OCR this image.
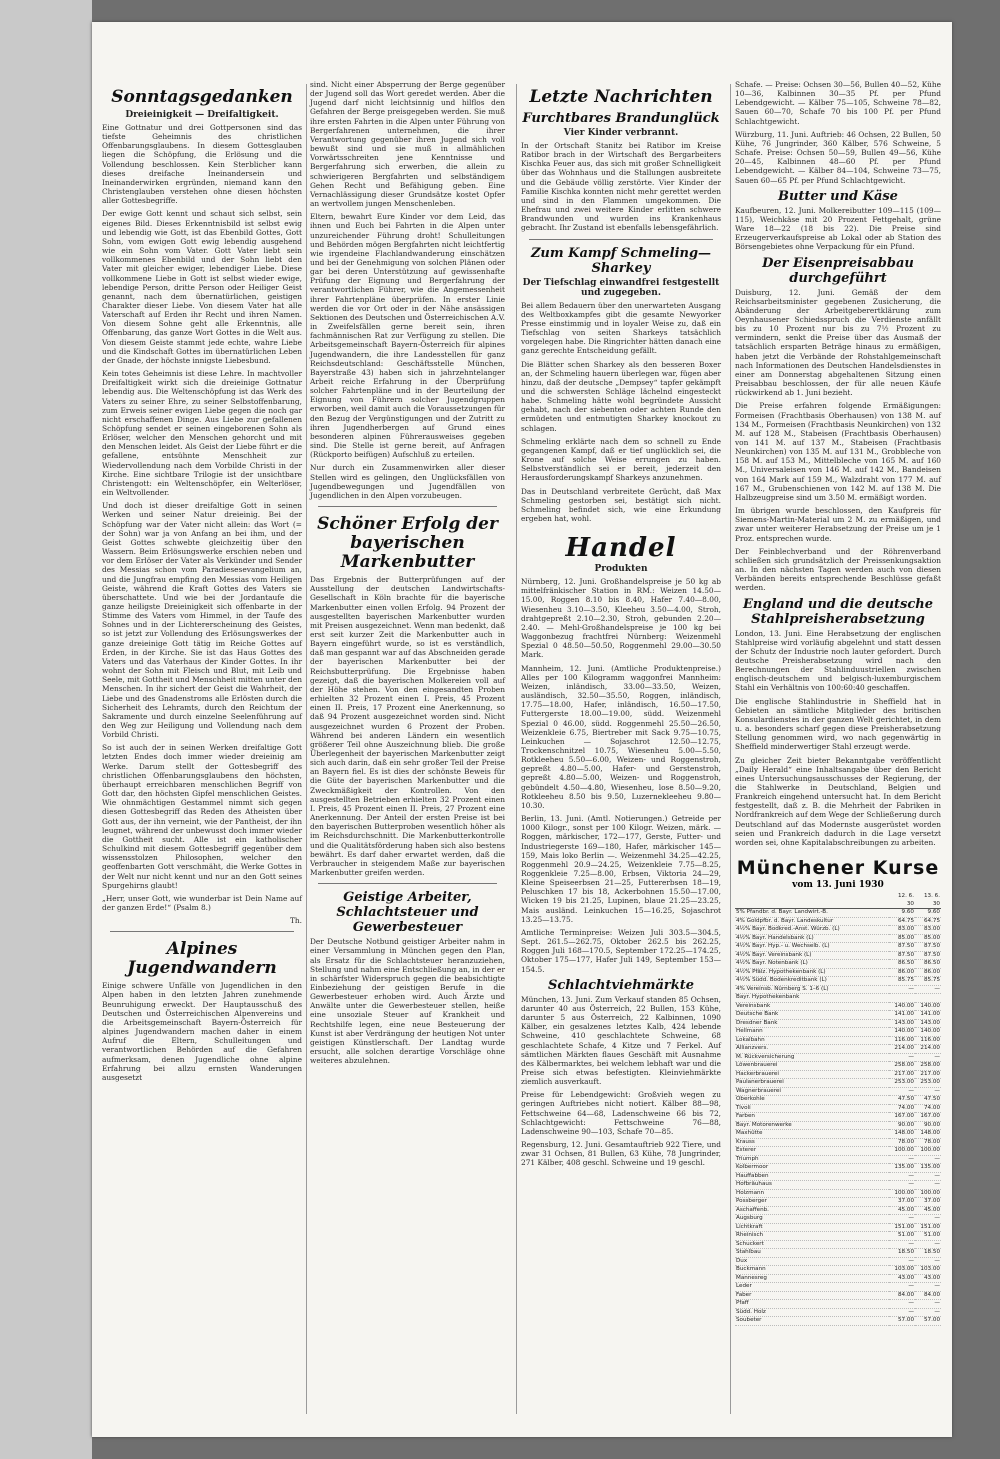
Sonntagsgedanken
Dreieinigkeit — Dreifaltigkeit.

Eine Gottnatur und drei Gottpersonen sind das tiefste Geheimnis des christlichen Offenbarungsglaubens. In diesem Gottesglauben liegen die Schöpfung, die Erlösung und die Vollendung beschlossen. Kein Sterblicher kann dieses dreifache Ineinandersein und Ineinanderwirken ergründen, niemand kann den Christenglauben verstehen ohne diesen höchsten aller Gottesbegriffe.

Der ewige Gott kennt und schaut sich selbst, sein eigenes Bild. Dieses Erkenntnisbild ist selbst ewig und lebendig wie Gott, ist das Ebenbild Gottes, Gott Sohn, vom ewigen Gott ewig lebendig ausgehend wie ein Sohn vom Vater. Gott Vater liebt sein vollkommenes Ebenbild und der Sohn liebt den Vater mit gleicher ewiger, lebendiger Liebe. Diese vollkommene Liebe in Gott ist selbst wieder ewige, lebendige Person, dritte Person oder Heiliger Geist genannt, nach dem übernatürlichen, geistigen Charakter dieser Liebe. Von diesem Vater hat alle Vaterschaft auf Erden ihr Recht und ihren Namen. Von diesem Sohne geht alle Erkenntnis, alle Offenbarung, das ganze Wort Gottes in die Welt aus. Von diesem Geiste stammt jede echte, wahre Liebe und die Kindschaft Gottes im übernatürlichen Leben der Gnade, der höchste innigste Liebesbund.

Kein totes Geheimnis ist diese Lehre. In machtvoller Dreifaltigkeit wirkt sich die dreieinige Gottnatur lebendig aus. Die Weltenschöpfung ist das Werk des Vaters zu seiner Ehre, zu seiner Selbstoffenbarung, zum Erweis seiner ewigen Liebe gegen die noch gar nicht erschaffenen Dinge. Aus Liebe zur gefallenen Schöpfung sendet er seinen eingeborenen Sohn als Erlöser, welcher den Menschen gehorcht und mit den Menschen leidet. Als Geist der Liebe führt er die gefallene, entsühnte Menschheit zur Wiedervollendung nach dem Vorbilde Christi in der Kirche. Eine sichtbare Trilogie ist der unsichtbare Christengott: ein Weltenschöpfer, ein Welterlöser, ein Weltvollender.

Und doch ist dieser dreifaltige Gott in seinen Werken und seiner Natur dreieinig. Bei der Schöpfung war der Vater nicht allein: das Wort (= der Sohn) war ja von Anfang an bei ihm, und der Geist Gottes schwebte gleichzeitig über den Wassern. Beim Erlösungswerke erschien neben und vor dem Erlöser der Vater als Verkünder und Sender des Messias schon vom Paradiesesevangelium an, und die Jungfrau empfing den Messias vom Heiligen Geiste, während die Kraft Gottes des Vaters sie überschattete. Und wie bei der Jordantaufe die ganze heiligste Dreieinigkeit sich offenbarte in der Stimme des Vaters vom Himmel, in der Taufe des Sohnes und in der Lichtererscheinung des Geistes, so ist jetzt zur Vollendung des Erlösungswerkes der ganze dreieinige Gott tätig im Reiche Gottes auf Erden, in der Kirche. Sie ist das Haus Gottes des Vaters und das Vaterhaus der Kinder Gottes. In ihr wohnt der Sohn mit Fleisch und Blut, mit Leib und Seele, mit Gottheit und Menschheit mitten unter den Menschen. In ihr sichert der Geist die Wahrheit, der Liebe und des Gnadenstroms alle Erlösten durch die Sicherheit des Lehramts, durch den Reichtum der Sakramente und durch einzelne Seelenführung auf den Weg zur Heiligung und Vollendung nach dem Vorbild Christi.

So ist auch der in seinen Werken dreifaltige Gott letzten Endes doch immer wieder dreieinig am Werke. Darum stellt der Gottesbegriff des christlichen Offenbarungsglaubens den höchsten, überhaupt erreichbaren menschlichen Begriff von Gott dar, den höchsten Gipfel menschlichen Geistes. Wie ohnmächtigen Gestammel nimmt sich gegen diesen Gottesbegriff das Reden des Atheisten über Gott aus, der ihn verneint, wie der Pantheist, der ihn leugnet, während der unbewusst doch immer wieder die Gottheit sucht. Alle ist ein katholischer Schulkind mit diesem Gottesbegriff gegenüber dem wissensstolzen Philosophen, welcher den geoffenbarten Gott verschmäht, die Werke Gottes in der Welt nur nicht kennt und nur an den Gott seines Spurgehirns glaubt!

„Herr, unser Gott, wie wunderbar ist Dein Name auf der ganzen Erde!“ (Psalm 8.)

Th.

Alpines Jugendwandern

Einige schwere Unfälle von Jugendlichen in den Alpen haben in den letzten Jahren zunehmende Beunruhigung erweckt. Der Hauptausschuß des Deutschen und Österreichischen Alpenvereins und die Arbeitsgemeinschaft Bayern-Österreich für alpines Jugendwandern machen daher in einem Aufruf die Eltern, Schulleitungen und verantwortlichen Behörden auf die Gefahren aufmerksam, denen Jugendliche ohne alpine Erfahrung bei allzu ernsten Wanderungen ausgesetzt

sind. Nicht einer Absperrung der Berge gegenüber der Jugend soll das Wort geredet werden. Aber die Jugend darf nicht leichtsinnig und hilflos den Gefahren der Berge preisgegeben werden. Sie muß ihre ersten Fahrten in die Alpen unter Führung von Bergerfahrenen unternehmen, die ihrer Verantwortung gegenüber ihren Jugend sich voll bewußt sind und sie muß in allmählichen Vorwärtsschreiten jene Kenntnisse und Bergerfahrung sich erwerben, die allein zu schwierigeren Bergfahrten und selbständigem Gehen Recht und Befähigung geben. Eine Vernachlässigung dieser Grundsätze kostet Opfer an wertvollem jungen Menschenleben.

Eltern, bewahrt Eure Kinder vor dem Leid, das ihnen und Euch bei Fahrten in die Alpen unter unzureichender Führung droht! Schulleitungen und Behörden mögen Bergfahrten nicht leichtfertig wie irgendeine Flachlandwanderung einschätzen und bei der Genehmigung von solchen Plänen oder gar bei deren Unterstützung auf gewissenhafte Prüfung der Eignung und Bergerfahrung der verantwortlichen Führer, wie die Angemessenheit ihrer Fahrtenpläne überprüfen. In erster Linie werden die vor Ort oder in der Nähe ansässigen Sektionen des Deutschen und Österreichischen A.V. in Zweifelsfällen gerne bereit sein, ihren fachmännischen Rat zur Verfügung zu stellen. Die Arbeitsgemeinschaft Bayern-Österreich für alpines Jugendwandern, die ihre Landesstellen für ganz Reichsdeutschland: Geschäftsstelle München, Bayerstraße 43) haben sich in jahrzehntelanger Arbeit reiche Erfahrung in der Überprüfung solcher Fahrtenpläne und in der Beurteilung der Eignung von Führern solcher Jugendgruppen erworben, weil damit auch die Voraussetzungen für den Bezug der Vergünstigungen und der Zutritt zu ihren Jugendherbergen auf Grund eines besonderen alpinen Führerausweises gegeben sind. Die Stelle ist gerne bereit, auf Anfragen (Rückporto beifügen) Aufschluß zu erteilen.

Nur durch ein Zusammenwirken aller dieser Stellen wird es gelingen, den Unglücksfällen von Jugendbewegungen und Jugendfällen von Jugendlichen in den Alpen vorzubeugen.

Schöner Erfolg der bayerischen Markenbutter

Das Ergebnis der Butterprüfungen auf der Ausstellung der deutschen Landwirtschafts-Gesellschaft in Köln brachte für die bayerische Markenbutter einen vollen Erfolg. 94 Prozent der ausgestellten bayerischen Markenbutter wurden mit Preisen ausgezeichnet. Wenn man bedenkt, daß erst seit kurzer Zeit die Markenbutter auch in Bayern eingeführt wurde, so ist es verständlich, daß man gespannt war auf das Abschneiden gerade der bayerischen Markenbutter bei der Reichsbutterprüfung. Die Ergebnisse haben gezeigt, daß die bayerischen Molkereien voll auf der Höhe stehen. Von den eingesandten Proben erhielten 32 Prozent einen I. Preis, 45 Prozent einen II. Preis, 17 Prozent eine Anerkennung, so daß 94 Prozent ausgezeichnet worden sind. Nicht ausgezeichnet wurden 6 Prozent der Proben. Während bei anderen Ländern ein wesentlich größerer Teil ohne Auszeichnung blieb. Die große Überlegenheit der bayerischen Markenbutter zeigt sich auch darin, daß ein sehr großer Teil der Preise an Bayern fiel. Es ist dies der schönste Beweis für die Güte der bayerischen Markenbutter und die Zweckmäßigkeit der Kontrollen. Von den ausgestellten Betrieben erhielten 32 Prozent einen I. Preis, 45 Prozent einen II. Preis, 27 Prozent eine Anerkennung. Der Anteil der ersten Preise ist bei den bayerischen Butterproben wesentlich höher als im Reichsdurchschnitt. Die Markenbutterkontrolle und die Qualitätsförderung haben sich also bestens bewährt. Es darf daher erwartet werden, daß die Verbraucher in steigendem Maße zur bayerischen Markenbutter greifen werden.

Geistige Arbeiter, Schlachtsteuer und Gewerbesteuer

Der Deutsche Notbund geistiger Arbeiter nahm in einer Versammlung in München gegen den Plan, als Ersatz für die Schlachtsteuer heranzuziehen, Stellung und nahm eine Entschließung an, in der er in schärfster Widerspruch gegen die beabsichtigte Einbeziehung der geistigen Berufe in die Gewerbesteuer erhoben wird. Auch Ärzte und Anwälte unter die Gewerbesteuer stellen, heiße eine unsoziale Steuer auf Krankheit und Rechtshilfe legen, eine neue Besteuerung der Kunst ist aber Verdrängung der heutigen Not unter geistigen Künstlerschaft. Der Landtag wurde ersucht, alle solchen derartige Vorschläge ohne weiteres abzulehnen.

Letzte Nachrichten
Furchtbares Brandunglück
Vier Kinder verbrannt.

In der Ortschaft Stanitz bei Ratibor im Kreise Ratibor brach in der Wirtschaft des Bergarbeiters Kischka Feuer aus, das sich mit großer Schnelligkeit über das Wohnhaus und die Stallungen ausbreitete und die Gebäude völlig zerstörte. Vier Kinder der Familie Kischka konnten nicht mehr gerettet werden und sind in den Flammen umgekommen. Die Ehefrau und zwei weitere Kinder erlitten schwere Brandwunden und wurden ins Krankenhaus gebracht. Ihr Zustand ist ebenfalls lebensgefährlich.

Zum Kampf Schmeling—Sharkey
Der Tiefschlag einwandfrei festgestellt und zugegeben.

Bei allem Bedauern über den unerwarteten Ausgang des Weltboxkampfes gibt die gesamte Newyorker Presse einstimmig und in loyaler Weise zu, daß ein Tiefschlag von seiten Sharkeys tatsächlich vorgelegen habe. Die Ringrichter hätten danach eine ganz gerechte Entscheidung gefällt.

Die Blätter schen Sharkey als den besseren Boxer an, der Schmeling hauern überlegen war, fügen aber hinzu, daß der deutsche „Dempsey“ tapfer gekämpft und die schwersten Schläge lächelnd eingesteckt habe. Schmeling hätte wohl begründete Aussicht gehabt, nach der siebenten oder achten Runde den ermüdeten und entmutigten Sharkey knockout zu schlagen.

Schmeling erklärte nach dem so schnell zu Ende gegangenen Kampf, daß er tief unglücklich sei, die Krone auf solche Weise errungen zu haben. Selbstverständlich sei er bereit, jederzeit den Herausforderungskampf Sharkeys anzunehmen.

Das in Deutschland verbreitete Gerücht, daß Max Schmeling gestorben sei, bestätigt sich nicht. Schmeling befindet sich, wie eine Erkundung ergeben hat, wohl.

Handel
Produkten

Nürnberg, 12. Juni. Großhandelspreise je 50 kg ab mittelfränkischer Station in RM.: Weizen 14.50—15.00, Roggen 8.10 bis 8.40, Hafer 7.40—8.00, Wiesenheu 3.10—3.50, Kleeheu 3.50—4.00, Stroh, drahtgepreßt 2.10—2.30, Stroh, gebunden 2.20—2.40. — Mehl-Großhandelspreise je 100 kg bei Waggonbezug frachtfrei Nürnberg: Weizenmehl Spezial 0 48.50—50.50, Roggenmehl 29.00—30.50 Mark.

Mannheim, 12. Juni. (Amtliche Produktenpreise.) Alles per 100 Kilogramm waggonfrei Mannheim: Weizen, inländisch, 33.00—33.50, Weizen, ausländisch, 32.50—35.50, Roggen, inländisch, 17.75—18.00, Hafer, inländisch, 16.50—17.50, Futtergerste 18.00—19.00, südd. Weizenmehl Spezial 0 46.00, südd. Roggenmehl 25.50—26.50, Weizenkleie 6.75, Biertreber mit Sack 9.75—10.75, Leinkuchen — Sojaschrot 12.50—12.75, Trockenschnitzel 10.75, Wiesenheu 5.00—5.50, Rotkleeheu 5.50—6.00, Weizen- und Roggenstroh, gepreßt 4.80—5.00, Hafer- und Gerstenstroh, gepreßt 4.80—5.00, Weizen- und Roggenstroh, gebündelt 4.50—4.80, Wiesenheu, lose 8.50—9.20, Rotkleeheu 8.50 bis 9.50, Luzernekleeheu 9.80—10.30.

Berlin, 13. Juni. (Amtl. Notierungen.) Getreide per 1000 Kilogr., sonst per 100 Kilogr. Weizen, märk. — Roggen, märkischer, 172—177, Gerste, Futter- und Industriegerste 169—180, Hafer, märkischer 145—159, Mais loko Berlin —. Weizenmehl 34.25—42.25, Roggenmehl 20.9—24.25, Weizenkleie 7.75—8.25, Roggenkleie 7.25—8.00, Erbsen, Viktoria 24—29, Kleine Speiseerbsen 21—25, Futtererbsen 18—19, Peluschken 17 bis 18, Ackerbohnen 15.50—17.00, Wicken 19 bis 21.25, Lupinen, blaue 21.25—23.25, Mais ausländ. Leinkuchen 15—16.25, Sojaschrot 13.25—13.75.

Amtliche Terminpreise: Weizen Juli 303.5—304.5, Sept. 261.5—262.75, Oktober 262.5 bis 262.25, Roggen Juli 168—170.5, September 172.25—174.25, Oktober 175—177, Hafer Juli 149, September 153—154.5.

Schlachtviehmärkte

München, 13. Juni. Zum Verkauf standen 85 Ochsen, darunter 40 aus Österreich, 22 Bullen, 153 Kühe, darunter 5 aus Österreich, 22 Kalbinnen, 1090 Kälber, ein gesalzenes letztes Kalb, 424 lebende Schweine, 410 geschlachtete Schweine, 68 geschlachtete Schafe, 4 Kitze und 7 Ferkel. Auf sämtlichen Märkten flaues Geschäft mit Ausnahme des Kälbermarktes, bei welchem lebhaft war und die Preise sich etwas befestigten. Kleinviehmärkte ziemlich ausverkauft.

Preise für Lebendgewicht: Großvieh wegen zu geringen Auftriebes nicht notiert. Kälber 88—98, Fettschweine 64—68, Ladenschweine 66 bis 72, Schlachtgewicht: Fettschweine 76—88, Ladenschweine 90—103, Schafe 70—85.

Regensburg, 12. Juni. Gesamtauftrieb 922 Tiere, und zwar 31 Ochsen, 81 Bullen, 63 Kühe, 78 Jungrinder, 271 Kälber, 408 geschl. Schweine und 19 geschl.

Schafe. — Preise: Ochsen 30—56, Bullen 40—52, Kühe 10—36, Kalbinnen 30—35 Pf. per Pfund Lebendgewicht. — Kälber 75—105, Schweine 78—82, Sauen 60—70, Schafe 70 bis 100 Pf. per Pfund Schlachtgewicht.

Würzburg, 11. Juni. Auftrieb: 46 Ochsen, 22 Bullen, 50 Kühe, 76 Jungrinder, 360 Kälber, 576 Schweine, 5 Schafe. Preise: Ochsen 50—59, Bullen 49—56, Kühe 20—45, Kalbinnen 48—60 Pf. per Pfund Lebendgewicht. — Kälber 84—104, Schweine 73—75, Sauen 60—65 Pf. per Pfund Schlachtgewicht.

Butter und Käse

Kaufbeuren, 12. Juni. Molkereibutter 109—115 (109—115), Weichkäse mit 20 Prozent Fettgehalt, grüne Ware 18—22 (18 bis 22). Die Preise sind Erzeugerverkaufspreise ab Lokal oder ab Station des Börsengebietes ohne Verpackung für ein Pfund.

Der Eisenpreisabbau durchgeführt

Duisburg, 12. Juni. Gemäß der dem Reichsarbeitsminister gegebenen Zusicherung, die Abänderung der Arbeitgeberertklärung zum Oeynhausener Schiedsspruch die Verdienste anfällt bis zu 10 Prozent nur bis zu 7½ Prozent zu vermindern, senkt die Preise über das Ausmaß der tatsächlich ersparten Beträge hinaus zu ermäßigen, haben jetzt die Verbände der Rohstahlgemeinschaft nach Informationen des Deutschen Handelsdienstes in einer am Donnerstag abgehaltenen Sitzung einen Preisabbau beschlossen, der für alle neuen Käufe rückwirkend ab 1. Juni bezieht.

Die Preise erfahren folgende Ermäßigungen: Formeisen (Frachtbasis Oberhausen) von 138 M. auf 134 M., Formeisen (Frachtbasis Neunkirchen) von 132 M. auf 128 M., Stabeisen (Frachtbasis Oberhausen) von 141 M. auf 137 M., Stabeisen (Frachtbasis Neunkirchen) von 135 M. auf 131 M., Grobbleche von 158 M. auf 153 M., Mittelbleche von 165 M. auf 160 M., Universaleisen von 146 M. auf 142 M., Bandeisen von 164 Mark auf 159 M., Walzdraht von 177 M. auf 167 M., Grubenschienen von 142 M. auf 138 M. Die Halbzeugpreise sind um 3.50 M. ermäßigt worden.

Im übrigen wurde beschlossen, den Kaufpreis für Siemens-Martin-Material um 2 M. zu ermäßigen, und zwar unter weiterer Herabsetzung der Preise um je 1 Proz. entsprechen wurde.

Der Feinblechverband und der Röhrenverband schließen sich grundsätzlich der Preissenkungsaktion an. In den nächsten Tagen werden auch von diesen Verbänden bereits entsprechende Beschlüsse gefaßt werden.

England und die deutsche Stahlpreisherabsetzung

London, 13. Juni. Eine Herabsetzung der englischen Stahlpreise wird vorläufig abgelehnt und statt dessen der Schutz der Industrie noch lauter gefordert. Durch deutsche Preisherabsetzung wird nach den Berechnungen der Stahlinduustriellen zwischen englisch-deutschem und belgisch-luxemburgischem Stahl ein Verhältnis von 100:60:40 geschaffen.

Die englische Stahlindustrie in Sheffield hat in Gebieten an sämtliche Mitglieder des britischen Konsulardienstes in der ganzen Welt gerichtet, in dem u. a. besonders scharf gegen diese Preisherabsetzung Stellung genommen wird, wo nach gegenwärtig in Sheffield minderwertiger Stahl erzeugt werde.

Zu gleicher Zeit bieter Bekanntgabe veröffentlicht „Daily Herald“ eine Inhaltsangabe über den Bericht eines Untersuchungsausschusses der Regierung, der die Stahlwerke in Deutschland, Belgien und Frankreich eingehend untersucht hat. In dem Bericht festgestellt, daß z. B. die Mehrheit der Fabriken in Nordfrankreich auf dem Wege der Schließerung durch Deutschland auf das Modernste ausgerüstet worden seien und Frankreich dadurch in die Lage versetzt worden sei, ohne Kapitalabschreibungen zu arbeiten.

Münchener Kurse
vom 13. Juni 1930
	12. 6. 30	13. 6. 30
5% Pfandbr. d. Bayr. Landwirt.-B.	9.60	9.60
4% Goldpfbr. d. Bayr. Landeskultur	64.75	64.75
4½% Bayr. Bodkred.-Anst. Würzb. (L)	83.00	83.00
4½% Bayr. Handelsbank (L)	85.00	85.00
4½% Bayr. Hyp.- u. Wechselb. (L)	87.50	87.50
4½% Bayr. Vereinsbank (L)	87.50	87.50
4½% Bayr. Notenbank (L)	86.50	86.50
4½% Pfälz. Hypothekenbank (L)	86.00	86.00
4½% Südd. Bodenkreditbank (L)	85.75	85.75
4% Vereinsb. Nürnberg S. 1–6 (L)	—	—
Bayr. Hypothekenbank		
Vereinsbank	140.00	140.00
Deutsche Bank	141.00	141.00
Dresdner Bank	143.00	143.00
Hellmann	140.00	140.00
Lokalbahn	116.00	116.00
Allianzvers.	214.00	214.00
M. Rückversicherung	—	—
Löwenbrauerei	258.00	258.00
Hackerbrauerei	217.00	217.00
Paulanerbrauerei	253.00	253.00
Wagnerbrauerei	—	—
Oberkohle	47.50	47.50
Tivoli	74.00	74.00
Farben	167.00	167.00
Bayr. Motorenwerke	90.00	90.00
Maxhütte	148.00	148.00
Krauss	78.00	78.00
Esterer	100.00	100.00
Triumph	—	—
Kolbermoor	135.00	135.00
Hauffabben	—	—
Hofbräuhaus	—	—
Holzmann	100.00	100.00
Possberger	37.00	37.00
Aschaffenb.	45.00	45.00
Augsburg	—	—
Lichtkraft	151.00	151.00
Rheinisch	51.00	51.00
Schuckert	—	—
Stahlbau	18.50	18.50
Dux	—	—
Buckmann	103.00	103.00
Mannesreg	43.00	43.00
Leder	—	—
Faber	84.00	84.00
Pfaff	—	—
Südd. Holz	—	—
Soubeter	57.00	57.00
